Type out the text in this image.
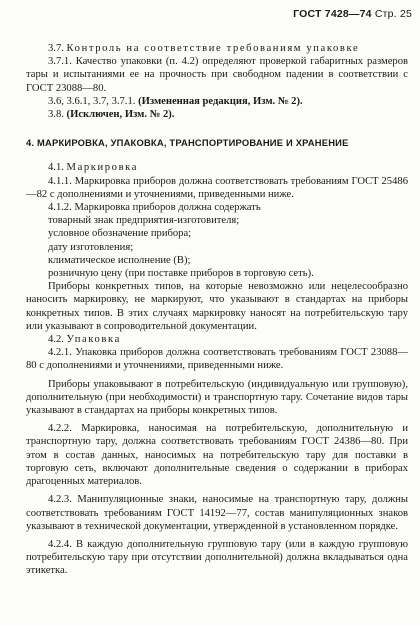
ГОСТ 7428—74 Стр. 25

3.7. Контроль на соответствие требованиям упаковке

3.7.1. Качество упаковки (п. 4.2) определяют проверкой габаритных размеров тары и испытаниями ее на прочность при свободном падении в соответствии с ГОСТ 23088—80.

3.6, 3.6.1, 3.7, 3.7.1. (Измененная редакция, Изм. № 2).

3.8. (Исключен, Изм. № 2).

4. МАРКИРОВКА, УПАКОВКА, ТРАНСПОРТИРОВАНИЕ И ХРАНЕНИЕ

4.1. Маркировка

4.1.1. Маркировка приборов должна соответствовать требованиям ГОСТ 25486—82 с дополнениями и уточнениями, приведенными ниже.

4.1.2. Маркировка приборов должна содержать

товарный знак предприятия-изготовителя;

условное обозначение прибора;

дату изготовления;

климатическое исполнение (В);

розничную цену (при поставке приборов в торговую сеть).

Приборы конкретных типов, на которые невозможно или нецелесообразно наносить маркировку, не маркируют, что указывают в стандартах на приборы конкретных типов. В этих случаях маркировку наносят на потребительскую тару или указывают в сопроводительной документации.

4.2. Упаковка

4.2.1. Упаковка приборов должна соответствовать требованиям ГОСТ 23088—80 с дополнениями и уточнениями, приведенными ниже.

Приборы упаковывают в потребительскую (индивидуальную или групповую), дополнительную (при необходимости) и транспортную тару. Сочетание видов тары указывают в стандартах на приборы конкретных типов.

4.2.2. Маркировка, наносимая на потребительскую, дополнительную и транспортную тару, должна соответствовать требованиям ГОСТ 24386—80. При этом в состав данных, наносимых на потребительскую тару для поставки в торговую сеть, включают дополнительные сведения о содержании в приборах драгоценных материалов.

4.2.3. Манипуляционные знаки, наносимые на транспортную тару, должны соответствовать требованиям ГОСТ 14192—77, состав манипуляционных знаков указывают в технической документации, утвержденной в установленном порядке.

4.2.4. В каждую дополнительную групповую тару (или в каждую групповую потребительскую тару при отсутствии дополнительной) должна вкладываться одна этикетка.
